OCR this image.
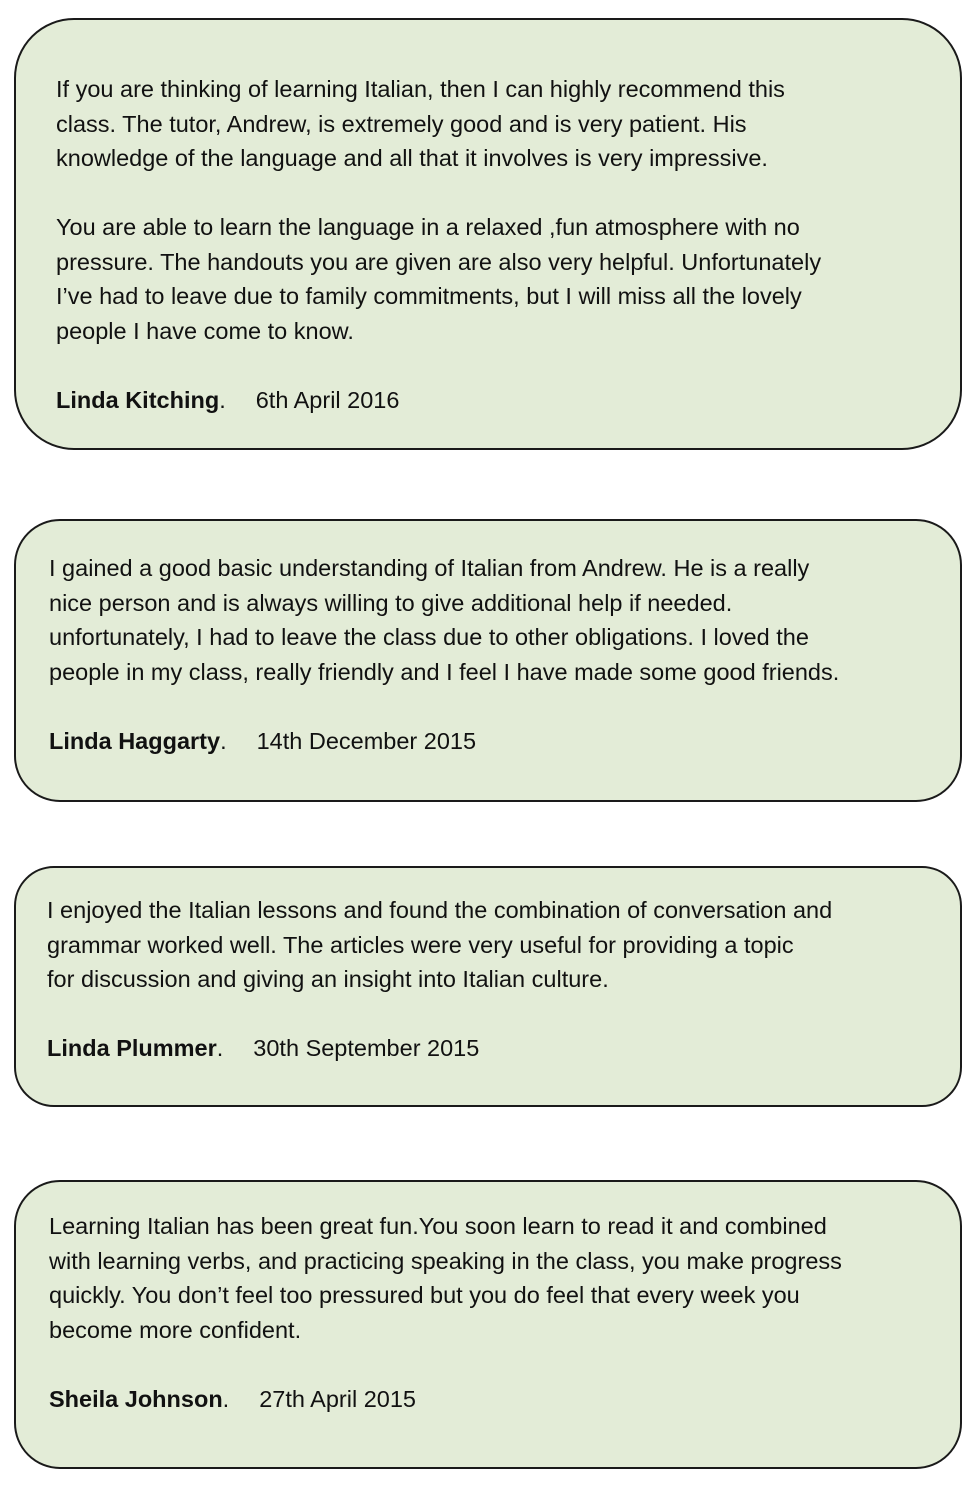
If you are thinking of learning Italian, then I can highly recommend this
class. The tutor, Andrew, is extremely good and is very patient. His
knowledge of the language and all that it involves is very impressive.

You are able to learn the language in a relaxed ,fun atmosphere with no
pressure. The handouts you are given are also very helpful. Unfortunately
I’ve had to leave due to family commitments, but I will miss all the lovely
people I have come to know.

Linda Kitching. 6th April 2016

I gained a good basic understanding of Italian from Andrew. He is a really
nice person and is always willing to give additional help if needed.
unfortunately, I had to leave the class due to other obligations. I loved the
people in my class, really friendly and I feel I have made some good friends.

Linda Haggarty. 14th December 2015

I enjoyed the Italian lessons and found the combination of conversation and
grammar worked well. The articles were very useful for providing a topic
for discussion and giving an insight into Italian culture.

Linda Plummer. 30th September 2015

Learning Italian has been great fun.You soon learn to read it and combined
with learning verbs, and practicing speaking in the class, you make progress
quickly. You don’t feel too pressured but you do feel that every week you
become more confident.

Sheila Johnson. 27th April 2015
